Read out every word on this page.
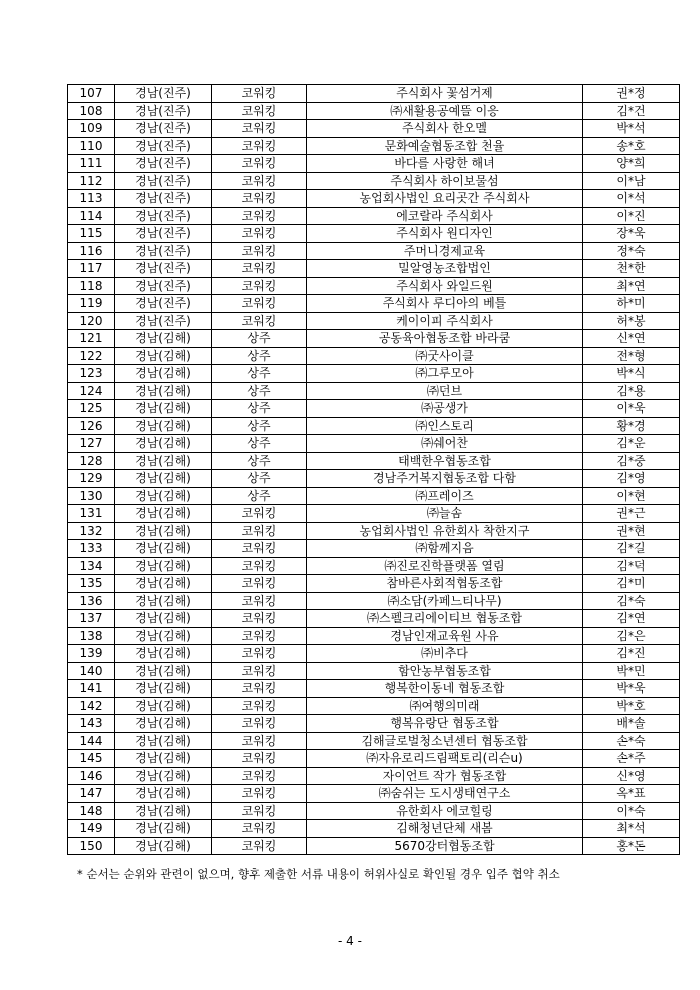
107	경남(진주)	코워킹	주식회사 꽃섬거제	권*정
108	경남(진주)	코워킹	㈜새활용공예뜰 이응	김*건
109	경남(진주)	코워킹	주식회사 한오멜	박*석
110	경남(진주)	코워킹	문화예술협동조합 천율	송*호
111	경남(진주)	코워킹	바다를 사랑한 해녀	양*희
112	경남(진주)	코워킹	주식회사 하이보물섬	이*남
113	경남(진주)	코워킹	농업회사법인 요리곳간 주식회사	이*석
114	경남(진주)	코워킹	에코랄라 주식회사	이*진
115	경남(진주)	코워킹	주식회사 원디자인	장*욱
116	경남(진주)	코워킹	주머니경제교육	정*숙
117	경남(진주)	코워킹	밀알영농조합법인	천*한
118	경남(진주)	코워킹	주식회사 와일드원	최*연
119	경남(진주)	코워킹	주식회사 루디아의 베틀	하*미
120	경남(진주)	코워킹	케이이피 주식회사	허*봉
121	경남(김해)	상주	공동육아협동조합 바라쿰	신*연
122	경남(김해)	상주	㈜굿사이클	전*형
123	경남(김해)	상주	㈜그루모아	박*식
124	경남(김해)	상주	㈜던브	김*용
125	경남(김해)	상주	㈜공생가	이*욱
126	경남(김해)	상주	㈜인스토리	황*경
127	경남(김해)	상주	㈜쉐어찬	김*운
128	경남(김해)	상주	태백한우협동조합	김*중
129	경남(김해)	상주	경남주거복지협동조합 다함	김*영
130	경남(김해)	상주	㈜프레이즈	이*현
131	경남(김해)	코워킹	㈜늘솜	권*근
132	경남(김해)	코워킹	농업회사법인 유한회사 착한지구	권*현
133	경남(김해)	코워킹	㈜함께지음	김*길
134	경남(김해)	코워킹	㈜진로진학플랫폼 열림	김*덕
135	경남(김해)	코워킹	참바른사회적협동조합	김*미
136	경남(김해)	코워킹	㈜소담(카페느티나무)	김*숙
137	경남(김해)	코워킹	㈜스펠크리에이티브 협동조합	김*연
138	경남(김해)	코워킹	경남인재교육원 사유	김*은
139	경남(김해)	코워킹	㈜비추다	김*진
140	경남(김해)	코워킹	함안농부협동조합	박*민
141	경남(김해)	코워킹	행복한이동네 협동조합	박*욱
142	경남(김해)	코워킹	㈜여행의미래	박*호
143	경남(김해)	코워킹	행복유랑단 협동조합	배*솔
144	경남(김해)	코워킹	김해글로벌청소년센터 협동조합	손*숙
145	경남(김해)	코워킹	㈜자유로리드림팩토리(리슨u)	손*주
146	경남(김해)	코워킹	자이언트 작가 협동조합	신*영
147	경남(김해)	코워킹	㈜숨쉬는 도시생태연구소	옥*표
148	경남(김해)	코워킹	유한회사 에코힐링	이*숙
149	경남(김해)	코워킹	김해청년단체 새봄	최*석
150	경남(김해)	코워킹	5670강터협동조합	홍*돈
* 순서는 순위와 관련이 없으며, 향후 제출한 서류 내용이 허위사실로 확인될 경우 입주 협약 취소
- 4 -
